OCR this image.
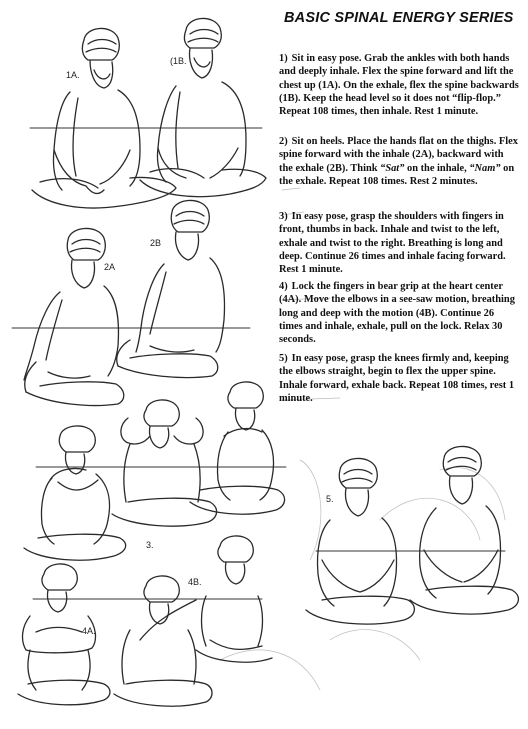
1A.
(1B.
2A
2B
3.
4A.
4B.
5.
BASIC SPINAL ENERGY SERIES
1) Sit in easy pose. Grab the ankles with both hands and deeply inhale. Flex the spine forward and lift the chest up (1A). On the exhale, flex the spine backwards (1B). Keep the head level so it does not “flip-flop.” Repeat 108 times, then inhale. Rest 1 minute.
2) Sit on heels. Place the hands flat on the thighs. Flex spine forward with the inhale (2A), backward with the exhale (2B). Think “Sat” on the inhale, “Nam” on the exhale. Repeat 108 times. Rest 2 minutes.
3) In easy pose, grasp the shoulders with fingers in front, thumbs in back. Inhale and twist to the left, exhale and twist to the right. Breathing is long and deep. Continue 26 times and inhale facing forward. Rest 1 minute.
4) Lock the fingers in bear grip at the heart center (4A). Move the elbows in a see-saw motion, breathing long and deep with the motion (4B). Continue 26 times and inhale, exhale, pull on the lock. Relax 30 seconds.
5) In easy pose, grasp the knees firmly and, keeping the elbows straight, begin to flex the upper spine. Inhale forward, exhale back. Repeat 108 times, rest 1 minute.
